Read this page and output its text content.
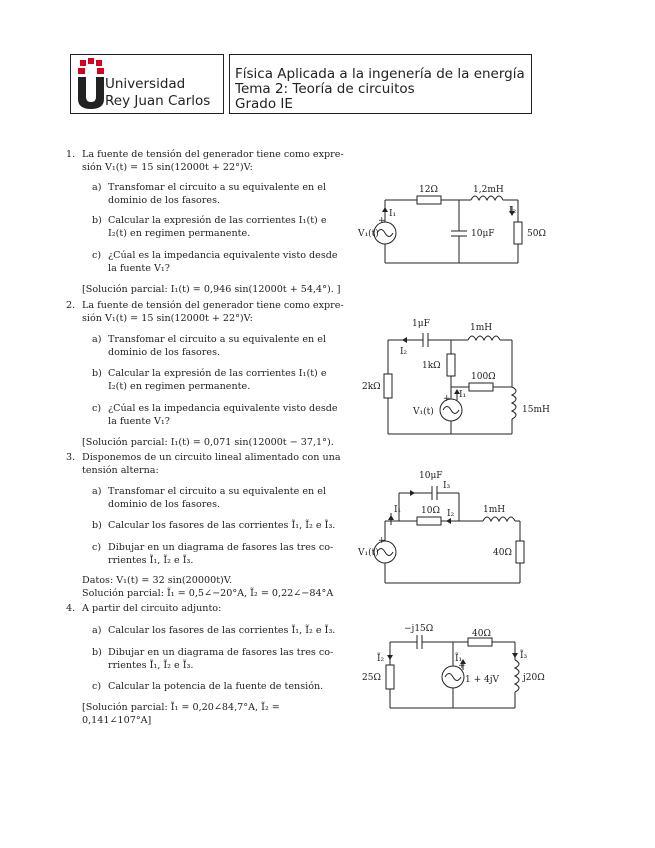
Universidad
Rey Juan Carlos
Física Aplicada a la ingenería de la energía
Tema 2: Teoría de circuitos
Grado IE
1. La fuente de tensión del generador tiene como expre-
sión V₁(t) = 15 sin(12000t + 22°)V:
a) Transfomar el circuito a su equivalente en el
dominio de los fasores.
b) Calcular la expresión de las corrientes I₁(t) e
I₂(t) en regimen permanente.
c) ¿Cúal es la impedancia equivalente visto desde
la fuente V₁?
[Solución parcial: I₁(t) = 0,946 sin(12000t + 54,4°). ]
12Ω	1,2mH
10μF	50Ω
V₁(t)
I₁	I₂
+
2. La fuente de tensión del generador tiene como expre-
sión V₁(t) = 15 sin(12000t + 22°)V:
a) Transfomar el circuito a su equivalente en el
dominio de los fasores.
b) Calcular la expresión de las corrientes I₁(t) e
I₂(t) en regimen permanente.
c) ¿Cúal es la impedancia equivalente visto desde
la fuente V₁?
[Solución parcial: I₁(t) = 0,071 sin(12000t − 37,1°).
1μF	1mH
1kΩ
100Ω
2kΩ
15mH
V₁(t)
I₁
I₂
+
3. Disponemos de un circuito lineal alimentado con una
tensión alterna:
a) Transfomar el circuito a su equivalente en el
dominio de los fasores.
b) Calcular los fasores de las corrientes Ĩ₁, Ĩ₂ e Ĩ₃.
c) Dibujar en un diagrama de fasores las tres co-
rrientes Ĩ₁, Ĩ₂ e Ĩ₃.
Datos: V₁(t) = 32 sin(20000t)V.
Solución parcial: Ĩ₁ = 0,5∠−20°A, Ĩ₂ = 0,22∠−84°A
10μF
10Ω	1mH
40Ω
V₁(t)
I₁	I₂
I₃
+
4. A partir del circuito adjunto:
a) Calcular los fasores de las corrientes Ĩ₁, Ĩ₂ e Ĩ₃.
b) Dibujar en un diagrama de fasores las tres co-
rrientes Ĩ₁, Ĩ₂ e Ĩ₃.
c) Calcular la potencia de la fuente de tensión.
[Solución parcial: Ĩ₁ = 0,20∠84,7°A, Ĩ₂ =
0,141∠107°A]
−j15Ω	40Ω
25Ω	1 + 4jV	j20Ω
Ĩ₁
Ĩ₂	Ĩ₃
+
